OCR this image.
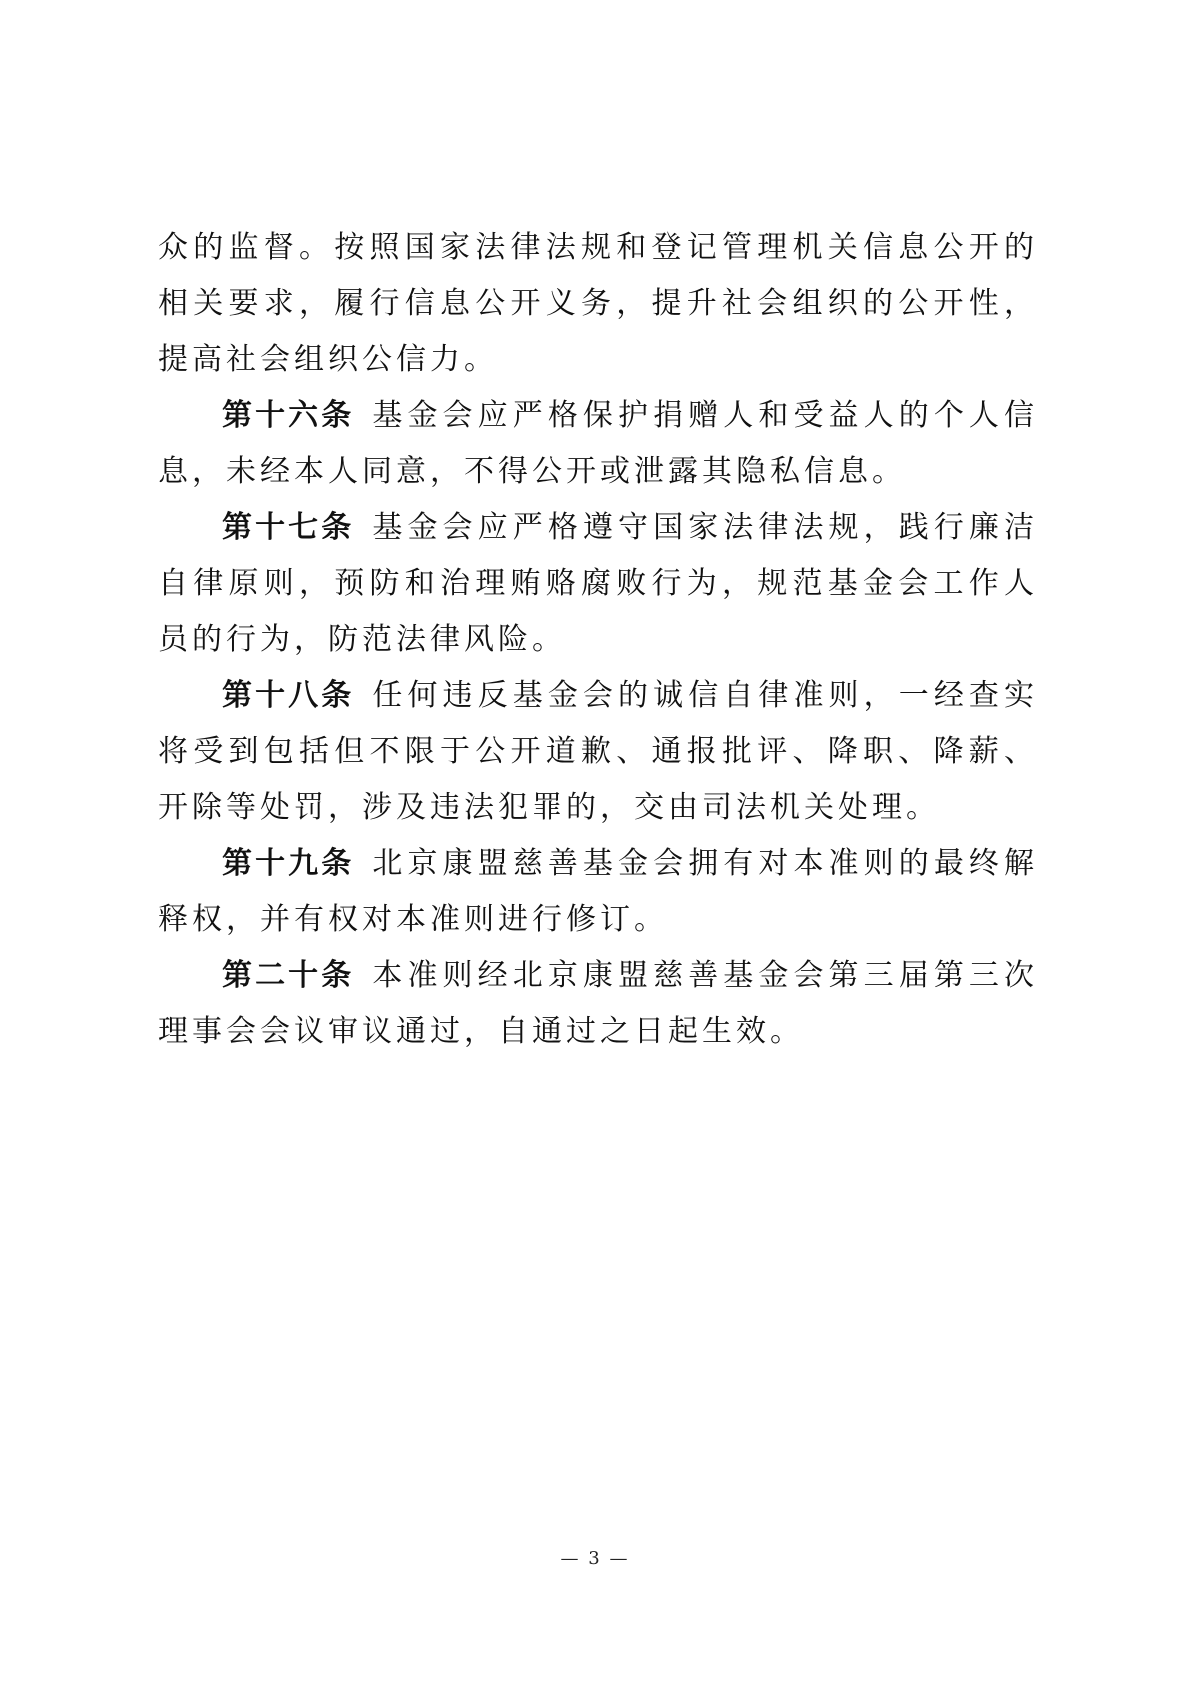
众的监督。按照国家法律法规和登记管理机关信息公开的相关要求，履行信息公开义务，提升社会组织的公开性，提高社会组织公信力。

第十六条 基金会应严格保护捐赠人和受益人的个人信息，未经本人同意，不得公开或泄露其隐私信息。

第十七条 基金会应严格遵守国家法律法规，践行廉洁自律原则，预防和治理贿赂腐败行为，规范基金会工作人员的行为，防范法律风险。

第十八条 任何违反基金会的诚信自律准则，一经查实将受到包括但不限于公开道歉、通报批评、降职、降薪、开除等处罚，涉及违法犯罪的，交由司法机关处理。

第十九条 北京康盟慈善基金会拥有对本准则的最终解释权，并有权对本准则进行修订。

第二十条 本准则经北京康盟慈善基金会第三届第三次理事会会议审议通过，自通过之日起生效。

— 3 —
